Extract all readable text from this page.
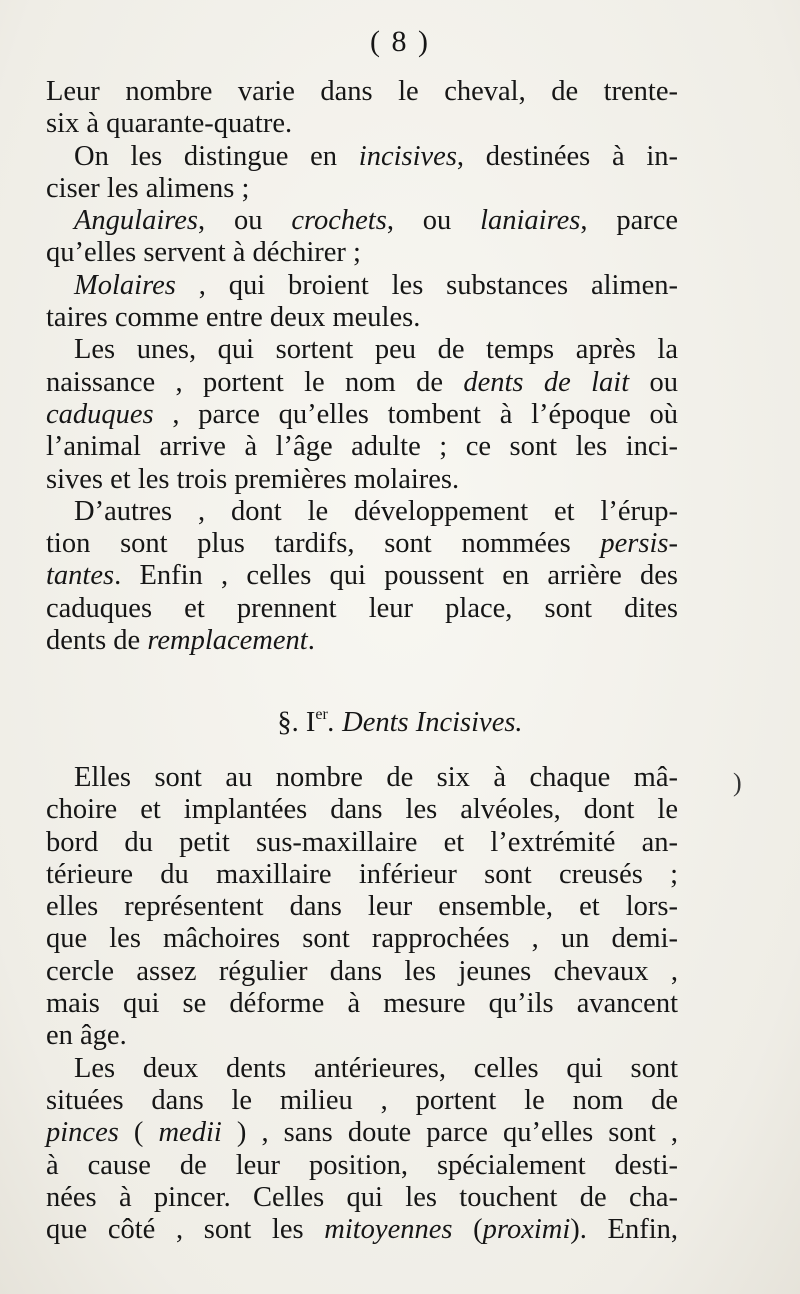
( 8 )
Leur nombre varie dans le cheval, de trente-
six à quarante-quatre.
On les distingue en incisives, destinées à in-
ciser les alimens ;
Angulaires, ou crochets, ou laniaires, parce
qu’elles servent à déchirer ;
Molaires , qui broient les substances alimen-
taires comme entre deux meules.
Les unes, qui sortent peu de temps après la
naissance , portent le nom de dents de lait ou
caduques , parce qu’elles tombent à l’époque où
l’animal arrive à l’âge adulte ; ce sont les inci-
sives et les trois premières molaires.
D’autres , dont le développement et l’érup-
tion sont plus tardifs, sont nommées persis-
tantes. Enfin , celles qui poussent en arrière des
caduques et prennent leur place, sont dites
dents de remplacement.
§. Ier. Dents Incisives.
Elles sont au nombre de six à chaque mâ-
choire et implantées dans les alvéoles, dont le
bord du petit sus-maxillaire et l’extrémité an-
térieure du maxillaire inférieur sont creusés ;
elles représentent dans leur ensemble, et lors-
que les mâchoires sont rapprochées , un demi-
cercle assez régulier dans les jeunes chevaux ,
mais qui se déforme à mesure qu’ils avancent
en âge.
Les deux dents antérieures, celles qui sont
situées dans le milieu , portent le nom de
pinces ( medii ) , sans doute parce qu’elles sont ,
à cause de leur position, spécialement desti-
nées à pincer. Celles qui les touchent de cha-
que côté , sont les mitoyennes (proximi). Enfin,
)
